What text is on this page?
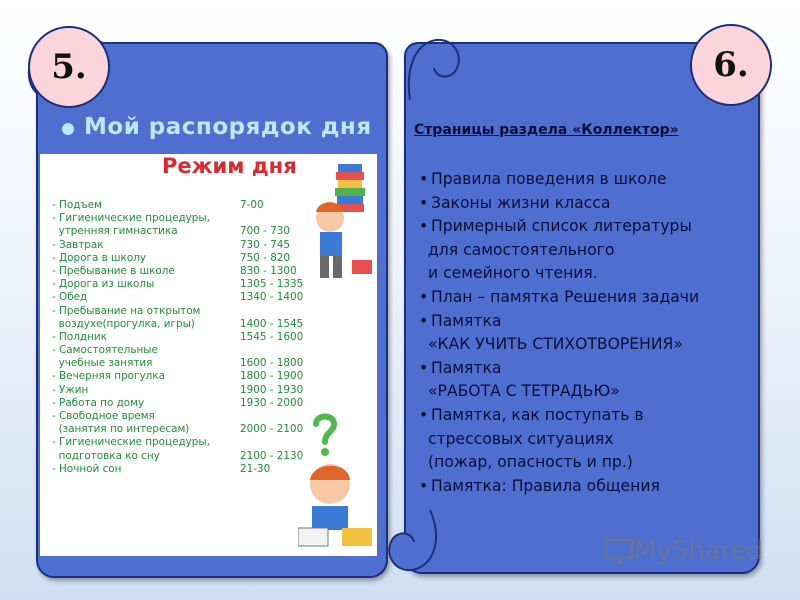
5.	6.
Мой распорядок дня
Режим дня
- Подъем	7-00
- Гигиенические процедуры,
утренняя гимнастика	700 - 730
- Завтрак	730 - 745
- Дорога в школу	750 - 820
- Пребывание в школе	830 - 1300
- Дорога из школы	1305 - 1335
- Обед	1340 - 1400
- Пребывание на открытом
воздухе(прогулка, игры)	1400 - 1545
- Полдник	1545 - 1600
- Самостоятельные
учебные занятия	1600 - 1800
- Вечерняя прогулка	1800 - 1900
- Ужин	1900 - 1930
- Работа по дому	1930 - 2000
- Свободное время
(занятия по интересам)	2000 - 2100
- Гигиенические процедуры,
подготовка ко сну	2100 - 2130
- Ночной сон	21-30
Страницы раздела «Коллектор»
• Правила поведения в школе
• Законы жизни класса
• Примерный список литературы
для самостоятельного
и семейного чтения.
• План – памятка Решения задачи
• Памятка
«КАК УЧИТЬ СТИХОТВОРЕНИЯ»
• Памятка
«РАБОТА С ТЕТРАДЬЮ»
• Памятка, как поступать в
стрессовых ситуациях
(пожар, опасность и пр.)
• Памятка: Правила общения
MyShared
